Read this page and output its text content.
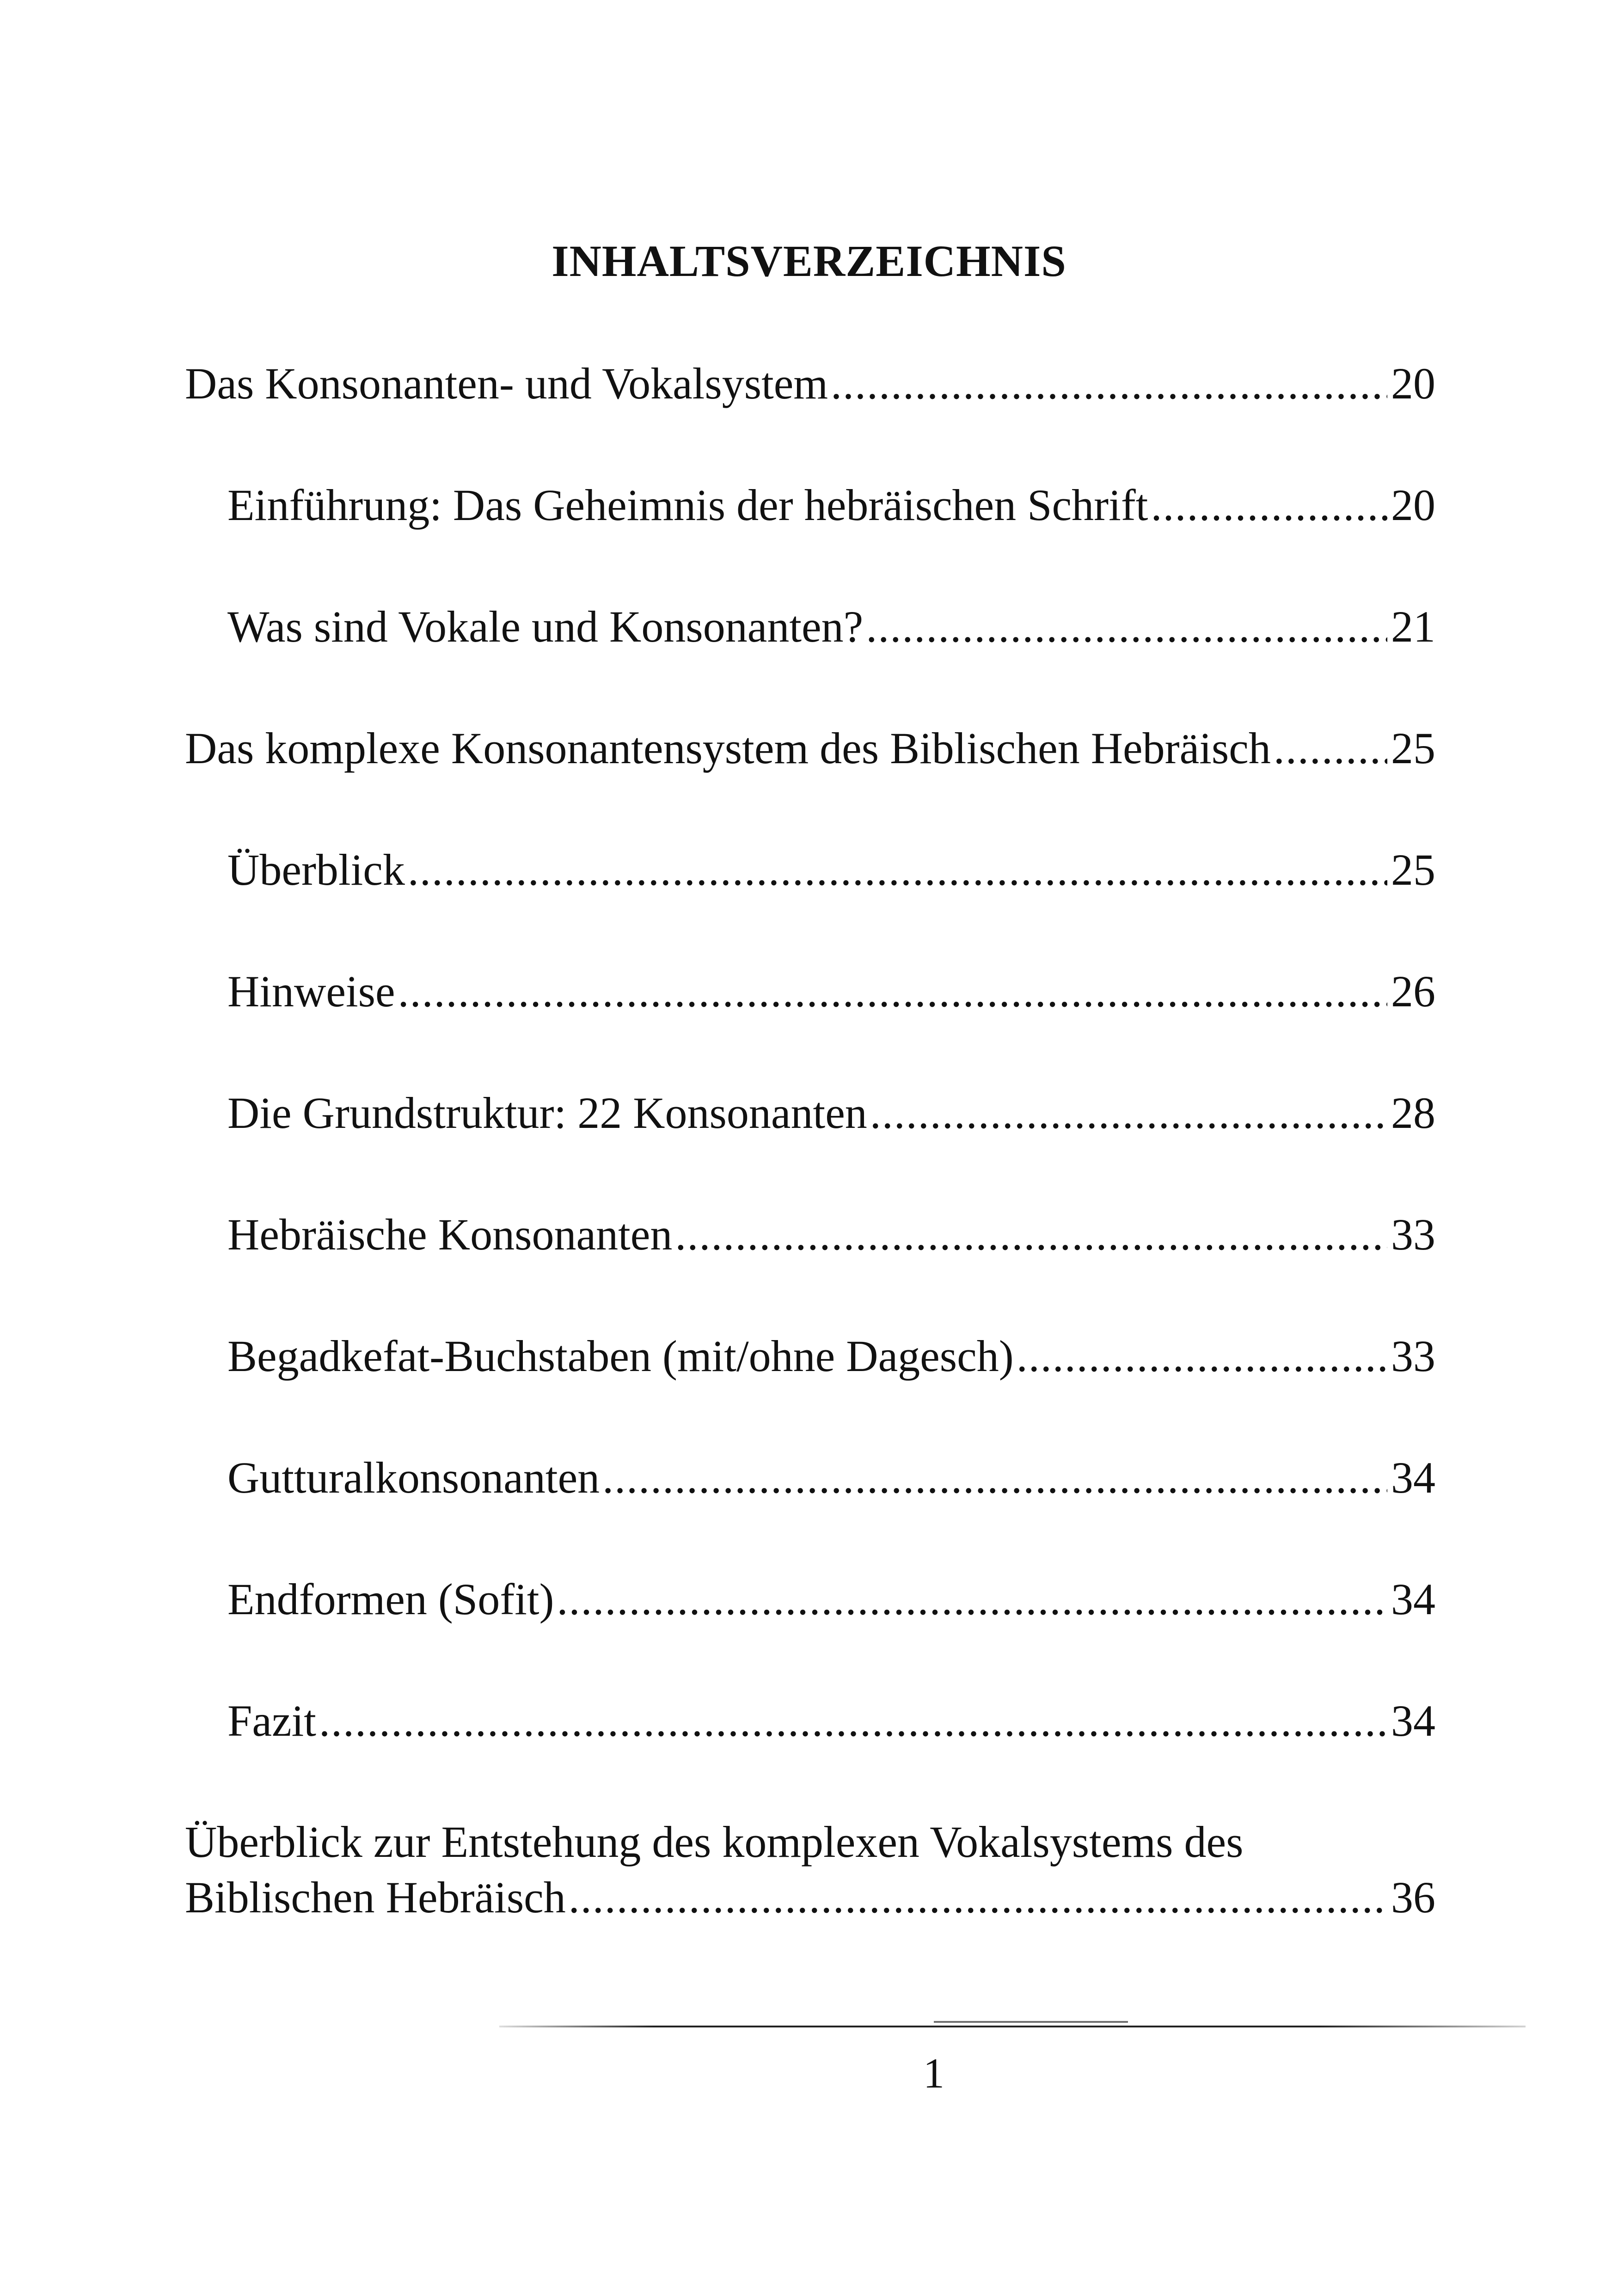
INHALTSVERZEICHNIS
Das Konsonanten- und Vokalsystem .....	20
Einführung: Das Geheimnis der hebräischen Schrift .....	20
Was sind Vokale und Konsonanten? .....	21
Das komplexe Konsonantensystem des Biblischen Hebräisch .....	25
Überblick .....	25
Hinweise .....	26
Die Grundstruktur: 22 Konsonanten .....	28
Hebräische Konsonanten .....	33
Begadkefat-Buchstaben (mit/ohne Dagesch) .....	33
Gutturalkonsonanten .....	34
Endformen (Sofit) .....	34
Fazit .....	34
Überblick zur Entstehung des komplexen Vokalsystems des
Biblischen Hebräisch .....	36
1
